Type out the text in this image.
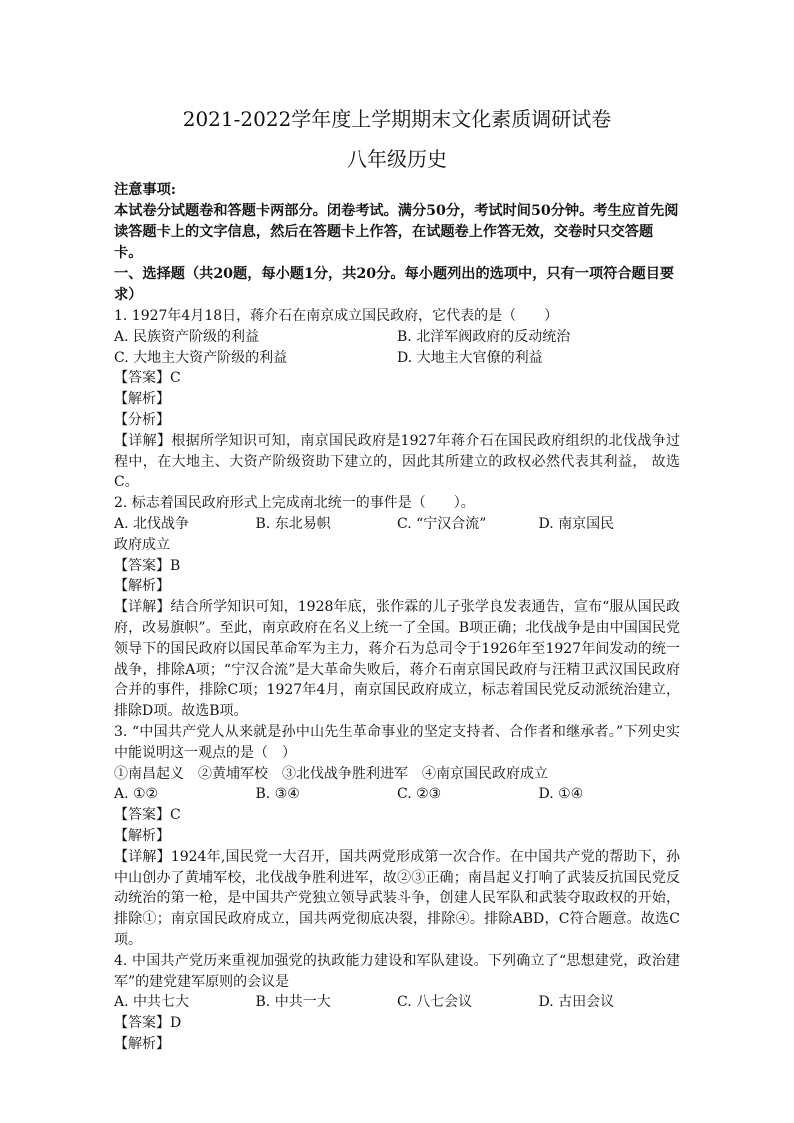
2021-2022学年度上学期期末文化素质调研试卷
八年级历史
注意事项:
本试卷分试题卷和答题卡两部分。闭卷考试。满分50分，考试时间50分钟。考生应首先阅读答题卡上的文字信息，然后在答题卡上作答，在试题卷上作答无效，交卷时只交答题卡。
一、选择题（共20题，每小题1分，共20分。每小题列出的选项中，只有一项符合题目要求）
1. 1927年4月18日，蒋介石在南京成立国民政府，它代表的是（　　）
A. 民族资产阶级的利益	B. 北洋军阀政府的反动统治
C. 大地主大资产阶级的利益	D. 大地主大官僚的利益
【答案】C
【解析】
【分析】
【详解】根据所学知识可知，南京国民政府是1927年蒋介石在国民政府组织的北伐战争过程中，在大地主、大资产阶级资助下建立的，因此其所建立的政权必然代表其利益， 故选C。
2. 标志着国民政府形式上完成南北统一的事件是（　　）。
A. 北伐战争	B. 东北易帜	C. “宁汉合流”	D. 南京国民
政府成立
【答案】B
【解析】
【详解】结合所学知识可知，1928年底，张作霖的儿子张学良发表通告，宣布“服从国民政府，改易旗帜”。至此，南京政府在名义上统一了全国。B项正确；北伐战争是由中国国民党领导下的国民政府以国民革命军为主力，蒋介石为总司令于1926年至1927年间发动的统一战争，排除A项；“宁汉合流”是大革命失败后，蒋介石南京国民政府与汪精卫武汉国民政府合并的事件，排除C项；1927年4月，南京国民政府成立，标志着国民党反动派统治建立，排除D项。故选B项。
3. “中国共产党人从来就是孙中山先生革命事业的坚定支持者、合作者和继承者。”下列史实中能说明这一观点的是（　）
①南昌起义　②黄埔军校　③北伐战争胜利进军　④南京国民政府成立
A. ①②	B. ③④	C. ②③	D. ①④
【答案】C
【解析】
【详解】1924年,国民党一大召开，国共两党形成第一次合作。在中国共产党的帮助下，孙中山创办了黄埔军校，北伐战争胜利进军，故②③正确；南昌起义打响了武装反抗国民党反动统治的第一枪，是中国共产党独立领导武装斗争，创建人民军队和武装夺取政权的开始，排除①；南京国民政府成立，国共两党彻底决裂，排除④。排除ABD，C符合题意。故选C项。
4. 中国共产党历来重视加强党的执政能力建设和军队建设。下列确立了“思想建党，政治建军”的建党建军原则的会议是
A. 中共七大	B. 中共一大	C. 八七会议	D. 古田会议
【答案】D
【解析】
